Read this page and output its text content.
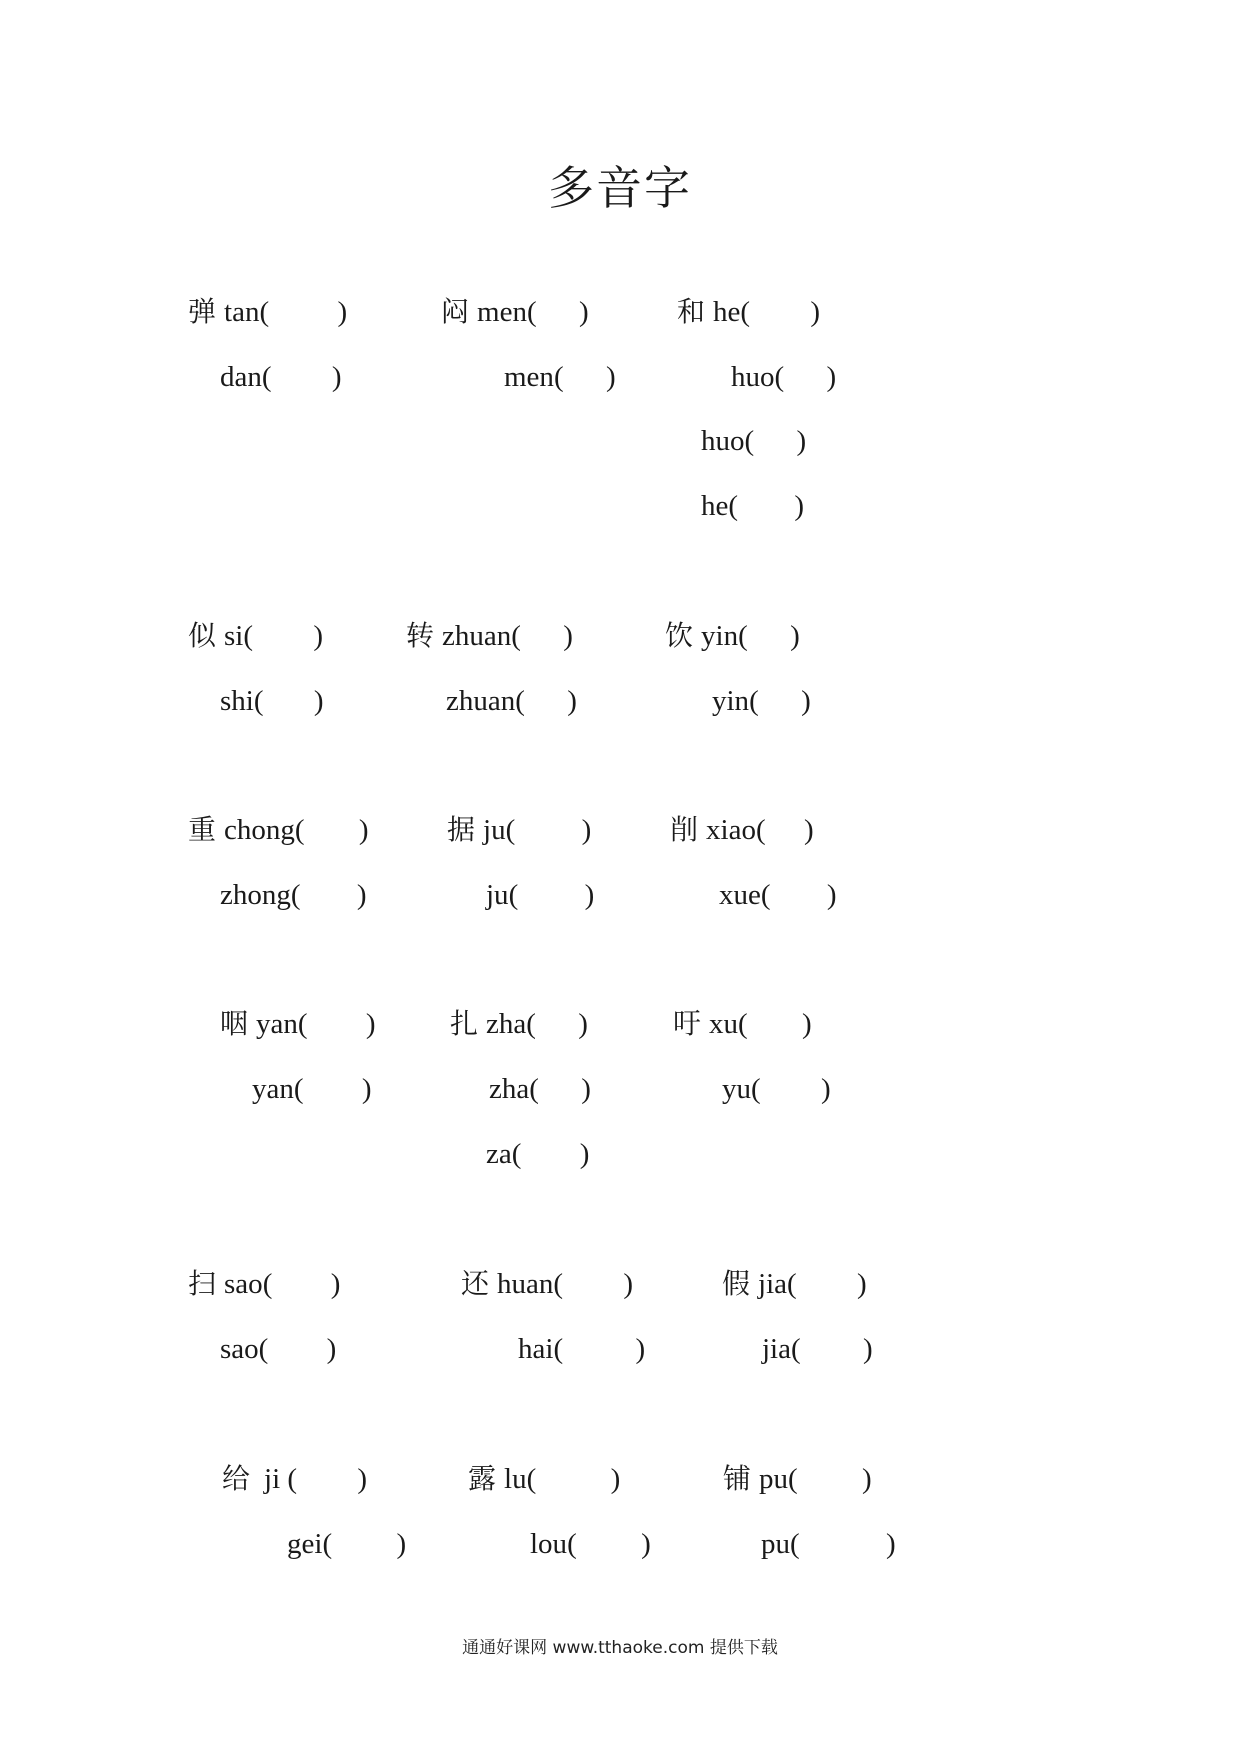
多音字
弹 tan( )
dan( )
闷 men( )
men( )
和 he( )
huo( )
huo( )
he( )
似 si( )
shi( )
转 zhuan( )
zhuan( )
饮 yin( )
yin( )
重 chong( )
zhong( )
据 ju( )
ju( )
削 xiao( )
xue( )
咽 yan( )
yan( )
扎 zha( )
zha( )
za( )
吁 xu( )
yu( )
扫 sao( )
sao( )
还 huan( )
hai( )
假 jia( )
jia( )
给 ji ( )
gei( )
露 lu(	)
lou( )
铺 pu( )
pu(	)
通通好课网 www.tthaoke.com 提供下载
